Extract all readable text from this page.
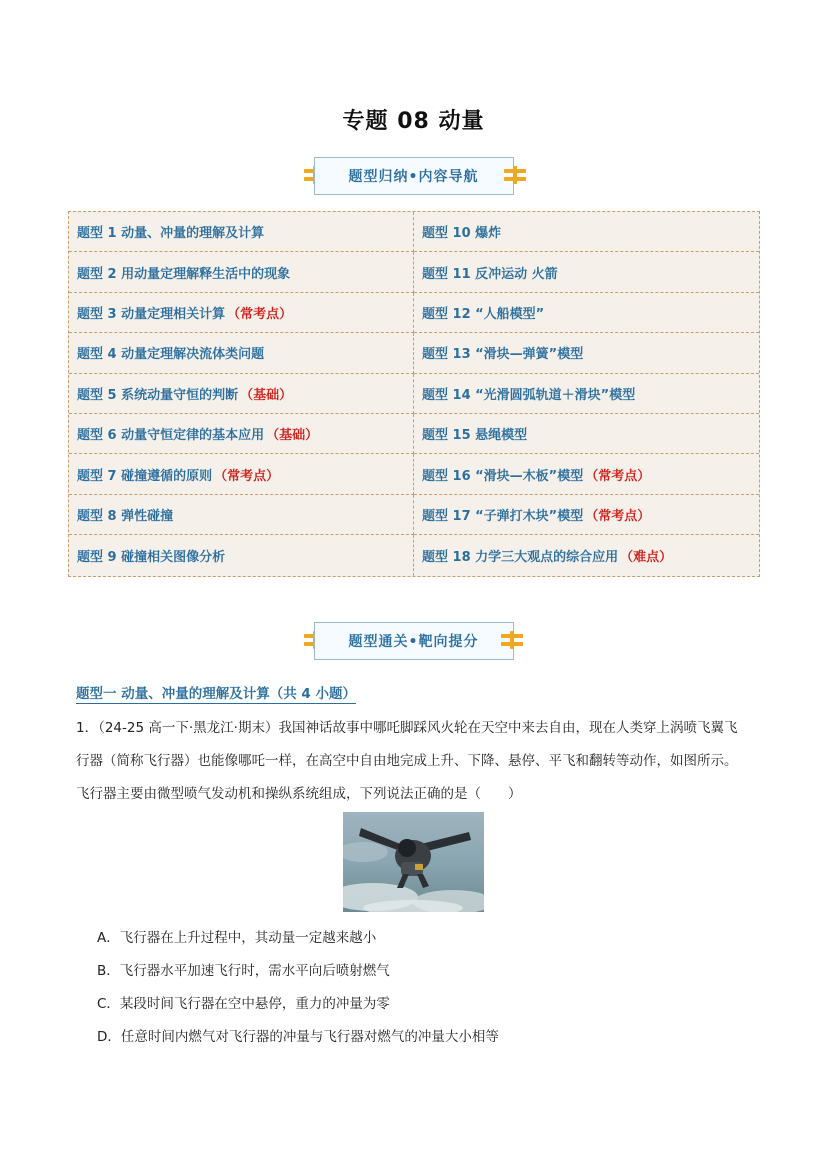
专题 08 动量
题型归纳•内容导航
题型 1 动量、冲量的理解及计算	题型 10 爆炸
题型 2 用动量定理解释生活中的现象	题型 11 反冲运动 火箭
题型 3 动量定理相关计算 （常考点）	题型 12 “人船模型”
题型 4 动量定理解决流体类问题	题型 13 “滑块—弹簧”模型
题型 5 系统动量守恒的判断 （基础）	题型 14 “光滑圆弧轨道＋滑块”模型
题型 6 动量守恒定律的基本应用 （基础）	题型 15 悬绳模型
题型 7 碰撞遵循的原则 （常考点）	题型 16 “滑块—木板”模型 （常考点）
题型 8 弹性碰撞	题型 17 “子弹打木块”模型 （常考点）
题型 9 碰撞相关图像分析	题型 18 力学三大观点的综合应用 （难点）
题型通关•靶向提分
题型一 动量、冲量的理解及计算（共 4 小题）
1．（24-25 高一下·黑龙江·期末）我国神话故事中哪吒脚踩风火轮在天空中来去自由，现在人类穿上涡喷飞翼飞行器（简称飞行器）也能像哪吒一样，在高空中自由地完成上升、下降、悬停、平飞和翻转等动作，如图所示。飞行器主要由微型喷气发动机和操纵系统组成，下列说法正确的是（　　）
A．飞行器在上升过程中，其动量一定越来越小
B．飞行器水平加速飞行时，需水平向后喷射燃气
C．某段时间飞行器在空中悬停，重力的冲量为零
D．任意时间内燃气对飞行器的冲量与飞行器对燃气的冲量大小相等
